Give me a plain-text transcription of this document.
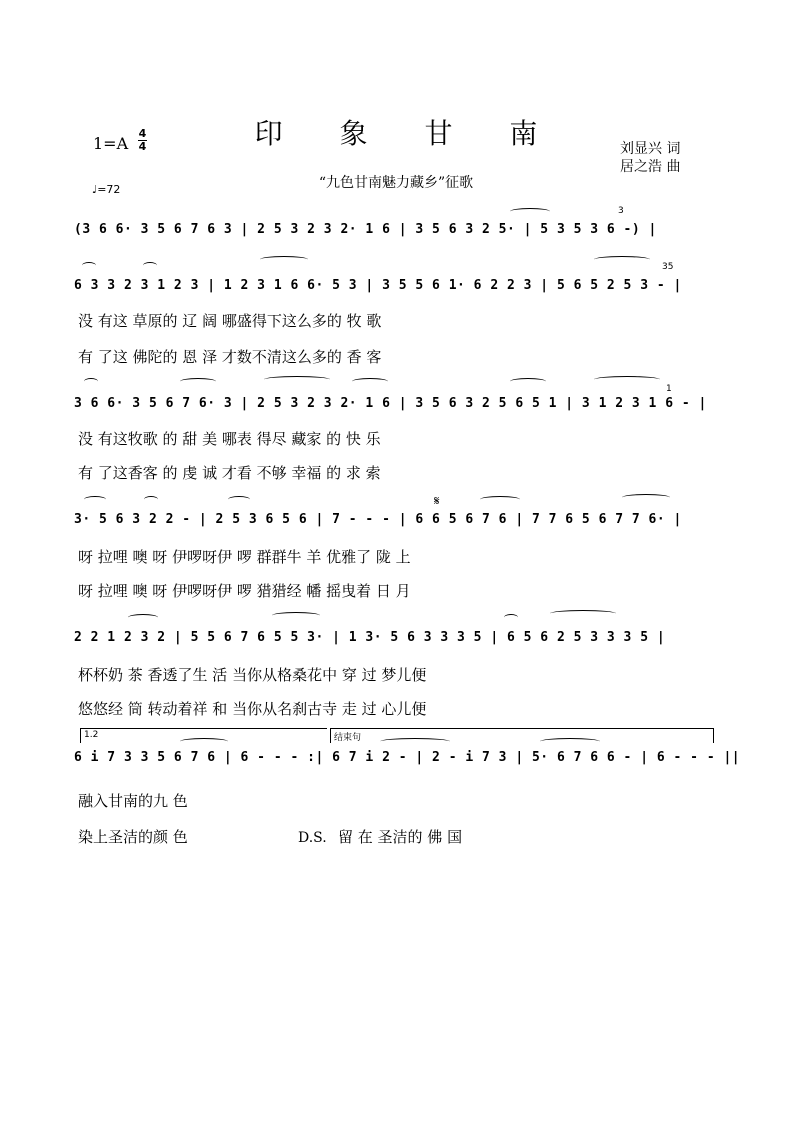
印 象 甘 南
1=A
4
4
♩=72	“九色甘南魅力藏乡”征歌
刘显兴 词
居之浩 曲
3
(3 6 6· 3 5 6 7 6 3 | 2 5 3 2 3 2· 1 6 | 3 5 6 3 2 5· | 5 3 5 3 6 -) |
35
6 3 3 2 3 1 2 3 | 1 2 3 1 6 6· 5 3 | 3 5 5 6 1· 6 2 2 3 | 5 6 5 2 5 3 - |
没 有这 草原的 辽 阔 哪盛得下这么多的 牧 歌
有 了这 佛陀的 恩 泽 才数不清这么多的 香 客
1
3 6 6· 3 5 6 7 6· 3 | 2 5 3 2 3 2· 1 6 | 3 5 6 3 2 5 6 5 1 | 3 1 2 3 1 6 - |
没 有这牧歌 的 甜 美 哪表 得尽 藏家 的 快 乐
有 了这香客 的 虔 诚 才看 不够 幸福 的 求 索
𝄋
3· 5 6 3 2 2 - | 2 5 3 6 5 6 | 7 - - - | 6 6 5 6 7 6 | 7 7 6 5 6 7 7 6· |
呀 拉哩 噢 呀 伊啰呀伊 啰 群群牛 羊 优雅了 陇 上
呀 拉哩 噢 呀 伊啰呀伊 啰 猎猎经 幡 摇曳着 日 月
2 2 1 2 3 2 | 5 5 6 7 6 5 5 3· | 1 3· 5 6 3 3 3 5 | 6 5 6 2 5 3 3 3 5 |
杯杯奶 茶 香透了生 活 当你从格桑花中 穿 过 梦儿便
悠悠经 筒 转动着祥 和 当你从名刹古寺 走 过 心儿便
1.2	结束句
6 i 7 3 3 5 6 7 6 | 6 - - - :| 6 7 i 2 - | 2 - i 7 3 | 5· 6 7 6 6 - | 6 - - - ||
融入甘南的九 色
染上圣洁的颜 色	D.S. 留 在 圣洁的 佛 国
